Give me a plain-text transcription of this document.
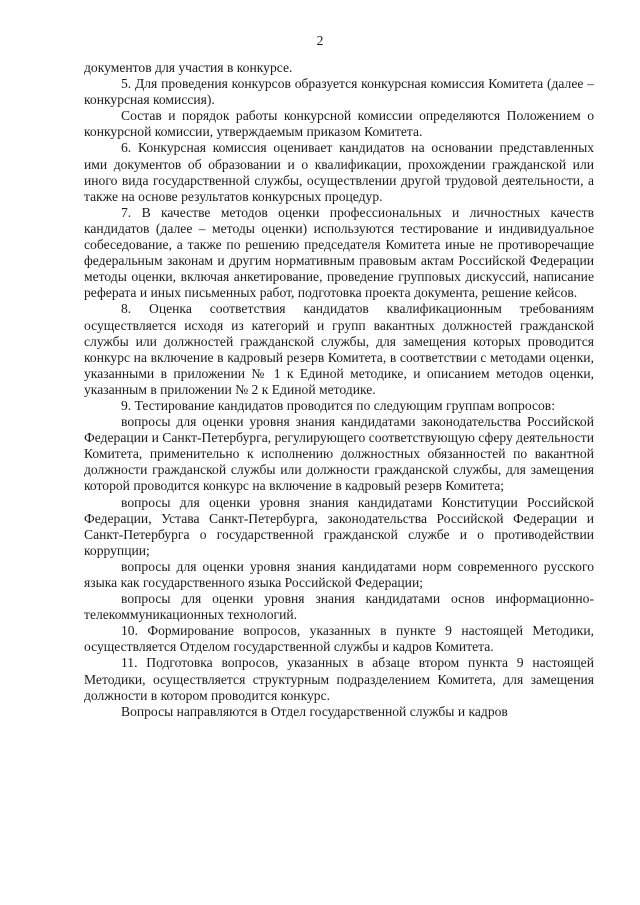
2

документов для участия в конкурсе.

5. Для проведения конкурсов образуется конкурсная комиссия Комитета (далее – конкурсная комиссия).

Состав и порядок работы конкурсной комиссии определяются Положением о конкурсной комиссии, утверждаемым приказом Комитета.

6. Конкурсная комиссия оценивает кандидатов на основании представленных ими документов об образовании и о квалификации, прохождении гражданской или иного вида государственной службы, осуществлении другой трудовой деятельности, а также на основе результатов конкурсных процедур.

7. В качестве методов оценки профессиональных и личностных качеств кандидатов (далее – методы оценки) используются тестирование и индивидуальное собеседование, а также по решению председателя Комитета иные не противоречащие федеральным законам и другим нормативным правовым актам Российской Федерации методы оценки, включая анкетирование, проведение групповых дискуссий, написание реферата и иных письменных работ, подготовка проекта документа, решение кейсов.

8. Оценка соответствия кандидатов квалификационным требованиям осуществляется исходя из категорий и групп вакантных должностей гражданской службы или должностей гражданской службы, для замещения которых проводится конкурс на включение в кадровый резерв Комитета, в соответствии с методами оценки, указанными в приложении № 1 к Единой методике, и описанием методов оценки, указанным в приложении № 2 к Единой методике.

9. Тестирование кандидатов проводится по следующим группам вопросов:

вопросы для оценки уровня знания кандидатами законодательства Российской Федерации и Санкт-Петербурга, регулирующего соответствующую сферу деятельности Комитета, применительно к исполнению должностных обязанностей по вакантной должности гражданской службы или должности гражданской службы, для замещения которой проводится конкурс на включение в кадровый резерв Комитета;

вопросы для оценки уровня знания кандидатами Конституции Российской Федерации, Устава Санкт-Петербурга, законодательства Российской Федерации и Санкт-Петербурга о государственной гражданской службе и о противодействии коррупции;

вопросы для оценки уровня знания кандидатами норм современного русского языка как государственного языка Российской Федерации;

вопросы для оценки уровня знания кандидатами основ информационно-телекоммуникационных технологий.

10. Формирование вопросов, указанных в пункте 9 настоящей Методики, осуществляется Отделом государственной службы и кадров Комитета.

11. Подготовка вопросов, указанных в абзаце втором пункта 9 настоящей Методики, осуществляется структурным подразделением Комитета, для замещения должности в котором проводится конкурс.

Вопросы направляются в Отдел государственной службы и кадров
